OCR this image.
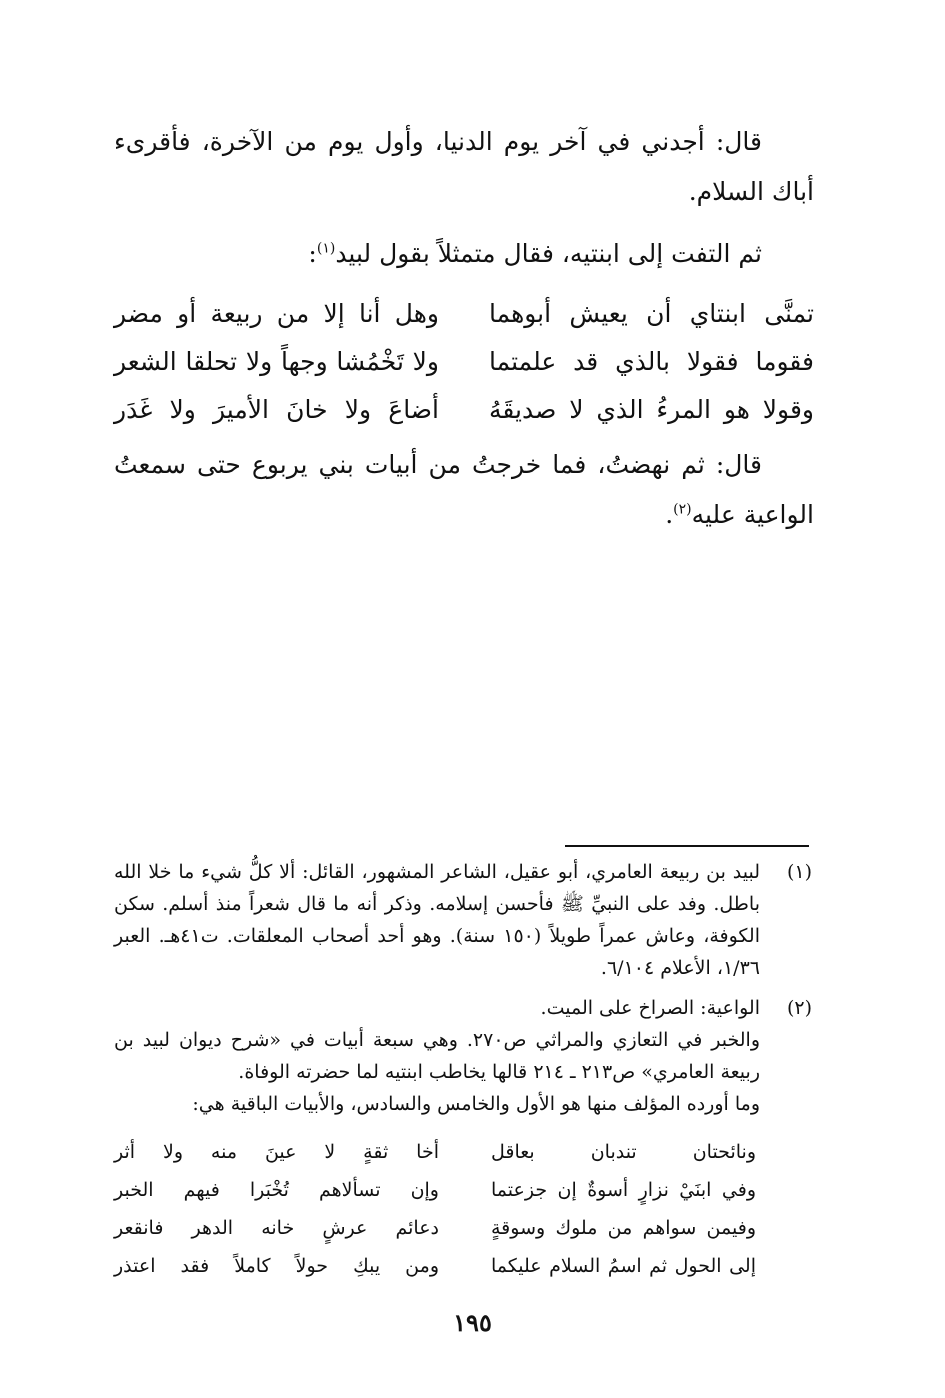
قال: أجدني في آخر يوم الدنيا، وأول يوم من الآخرة، فأقرىء أباك السلام.
ثم التفت إلى ابنتيه، فقال متمثلاً بقول لبيد$^{(١)}$:
تمنَّى ابنتاي أن يعيش أبوهما
وهل أنا إلا من ربيعة أو مضر
فقوما فقولا بالذي قد علمتما
ولا تَخْمُشا وجهاً ولا تحلقا الشعر
وقولا هو المرءُ الذي لا صديقَهُ
أضاعَ ولا خانَ الأميرَ ولا غَدَر
قال: ثم نهضتُ، فما خرجتُ من أبيات بني يربوع حتى سمعتُ الواعية عليه$^{(٢)}$.
(١)
لبيد بن ربيعة العامري، أبو عقيل، الشاعر المشهور، القائل: ألا كلُّ شيء ما خلا الله باطل. وفد على النبيِّ ﷺ فأحسن إسلامه. وذكر أنه ما قال شعراً منذ أسلم. سكن الكوفة، وعاش عمراً طويلاً (١٥٠ سنة). وهو أحد أصحاب المعلقات. ت٤١هـ. العبر ١/٣٦، الأعلام ٦/١٠٤.
(٢)
الواعية: الصراخ على الميت.
والخبر في التعازي والمراثي ص٢٧٠. وهي سبعة أبيات في «شرح ديوان لبيد بن ربيعة العامري» ص٢١٣ ـ ٢١٤ قالها يخاطب ابنتيه لما حضرته الوفاة.
وما أورده المؤلف منها هو الأول والخامس والسادس، والأبيات الباقية هي:
ونائحتان تندبان بعاقل
أخا ثقةٍ لا عينَ منه ولا أثر
وفي ابنَيْ نزارٍ أسوةٌ إن جزعتما
وإن تسألاهم تُخْبَرا فيهم الخبر
وفيمن سواهم من ملوك وسوقةٍ
دعائم عرشٍ خانه الدهر فانقعر
إلى الحول ثم اسمُ السلام عليكما
ومن يبكِ حولاً كاملاً فقد اعتذر
١٩٥
